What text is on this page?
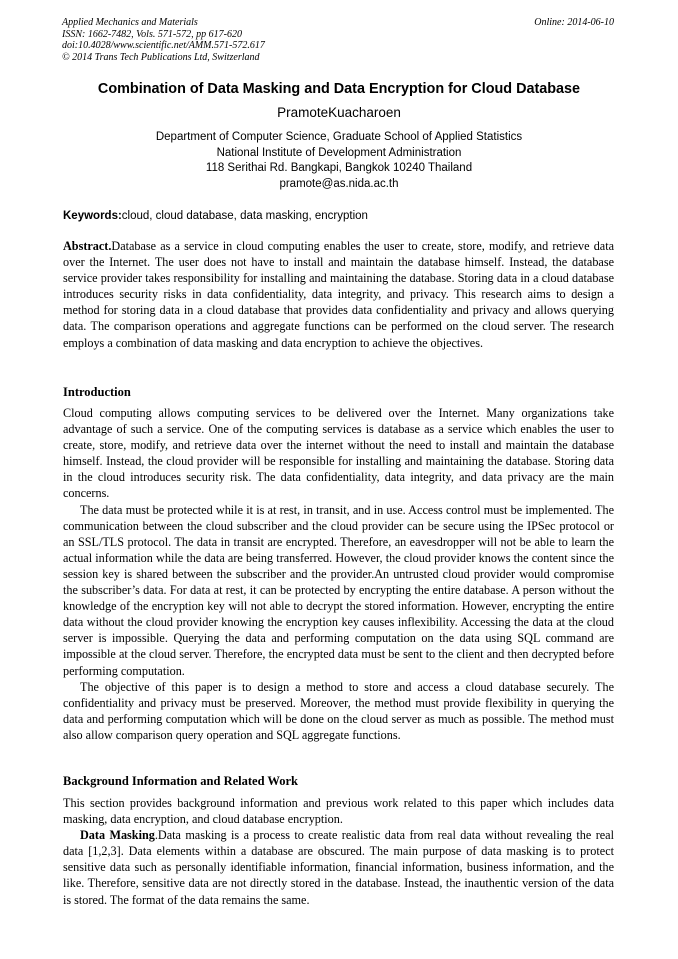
Applied Mechanics and Materials
ISSN: 1662-7482, Vols. 571-572, pp 617-620
doi:10.4028/www.scientific.net/AMM.571-572.617
© 2014 Trans Tech Publications Ltd, Switzerland
Online: 2014-06-10
Combination of Data Masking and Data Encryption for Cloud Database
PramoteKuacharoen
Department of Computer Science, Graduate School of Applied Statistics
National Institute of Development Administration
118 Serithai Rd. Bangkapi, Bangkok 10240 Thailand
pramote@as.nida.ac.th
Keywords:cloud, cloud database, data masking, encryption

Abstract.Database as a service in cloud computing enables the user to create, store, modify, and retrieve data over the Internet. The user does not have to install and maintain the database himself. Instead, the database service provider takes responsibility for installing and maintaining the database. Storing data in a cloud database introduces security risks in data confidentiality, data integrity, and privacy. This research aims to design a method for storing data in a cloud database that provides data confidentiality and privacy and allows querying data. The comparison operations and aggregate functions can be performed on the cloud server. The research employs a combination of data masking and data encryption to achieve the objectives.

Introduction

Cloud computing allows computing services to be delivered over the Internet. Many organizations take advantage of such a service. One of the computing services is database as a service which enables the user to create, store, modify, and retrieve data over the internet without the need to install and maintain the database himself. Instead, the cloud provider will be responsible for installing and maintaining the database. Storing data in the cloud introduces security risk. The data confidentiality, data integrity, and data privacy are the main concerns.

The data must be protected while it is at rest, in transit, and in use. Access control must be implemented. The communication between the cloud subscriber and the cloud provider can be secure using the IPSec protocol or an SSL/TLS protocol. The data in transit are encrypted. Therefore, an eavesdropper will not be able to learn the actual information while the data are being transferred. However, the cloud provider knows the content since the session key is shared between the subscriber and the provider.An untrusted cloud provider would compromise the subscriber’s data. For data at rest, it can be protected by encrypting the entire database. A person without the knowledge of the encryption key will not able to decrypt the stored information. However, encrypting the entire data without the cloud provider knowing the encryption key causes inflexibility. Accessing the data at the cloud server is impossible. Querying the data and performing computation on the data using SQL command are impossible at the cloud server. Therefore, the encrypted data must be sent to the client and then decrypted before performing computation.

The objective of this paper is to design a method to store and access a cloud database securely. The confidentiality and privacy must be preserved. Moreover, the method must provide flexibility in querying the data and performing computation which will be done on the cloud server as much as possible. The method must also allow comparison query operation and SQL aggregate functions.

Background Information and Related Work

This section provides background information and previous work related to this paper which includes data masking, data encryption, and cloud database encryption.

Data Masking.Data masking is a process to create realistic data from real data without revealing the real data [1,2,3]. Data elements within a database are obscured. The main purpose of data masking is to protect sensitive data such as personally identifiable information, financial information, business information, and the like. Therefore, sensitive data are not directly stored in the database. Instead, the inauthentic version of the data is stored. The format of the data remains the same.
